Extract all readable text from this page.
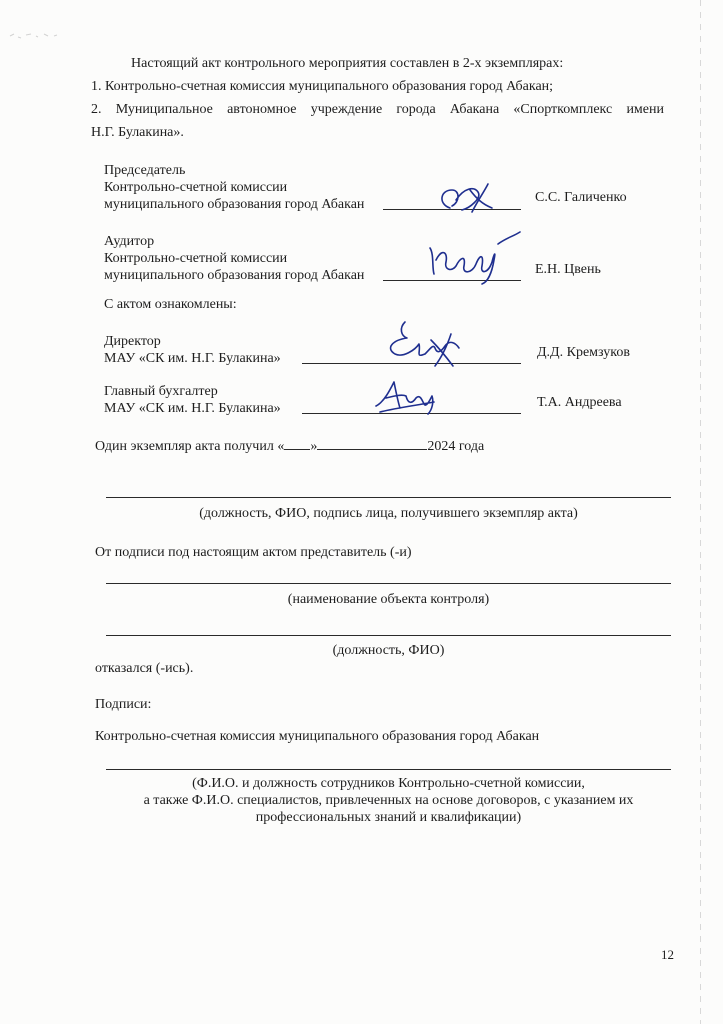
Настоящий акт контрольного мероприятия составлен в 2-х экземплярах:
1. Контрольно-счетная комиссия муниципального образования город Абакан;
2. Муниципальное автономное учреждение города Абакана «Спорткомплекс имени
Н.Г. Булакина».
Председатель
Контрольно-счетной комиссии
муниципального образования город Абакан	С.С. Галиченко
Аудитор
Контрольно-счетной комиссии
муниципального образования город Абакан	Е.Н. Цвень
С актом ознакомлены:
Директор
МАУ «СК им. Н.Г. Булакина»	Д.Д. Кремзуков
Главный бухгалтер
МАУ «СК им. Н.Г. Булакина»	Т.А. Андреева
Один экземпляр акта получил « »	2024 года
(должность, ФИО, подпись лица, получившего экземпляр акта)
От подписи под настоящим актом представитель (-и)
(наименование объекта контроля)
(должность, ФИО)
отказался (-ись).
Подписи:
Контрольно-счетная комиссия муниципального образования город Абакан
(Ф.И.О. и должность сотрудников Контрольно-счетной комиссии,
а также Ф.И.О. специалистов, привлеченных на основе договоров, с указанием их
профессиональных знаний и квалификации)
12
